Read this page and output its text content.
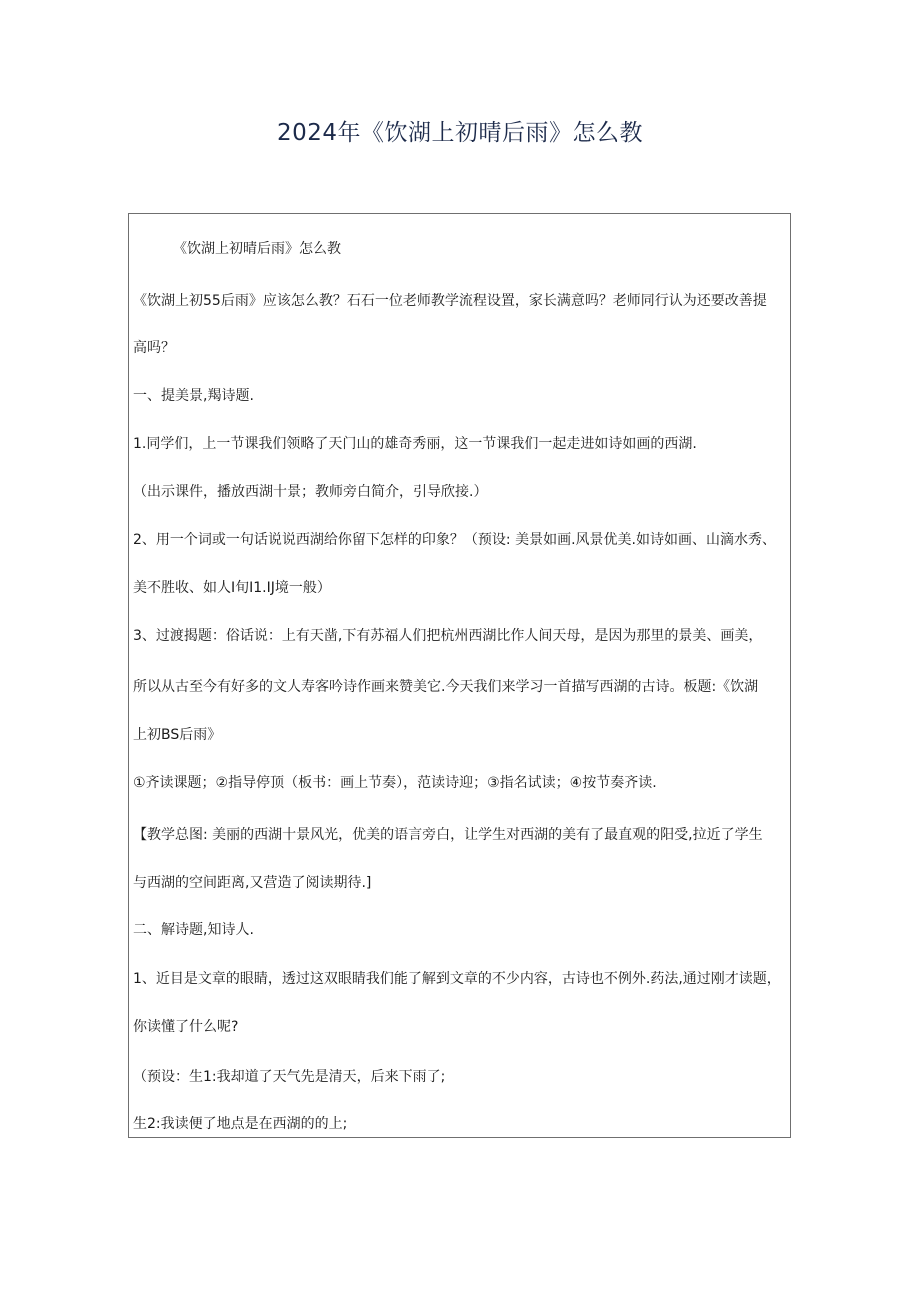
2024年《饮湖上初晴后雨》怎么教
《饮湖上初晴后雨》怎么教
《饮湖上初55后雨》应该怎么教？石石一位老师教学流程设置，家长满意吗？老师同行认为还要改善提
高吗？
一、提美景,羯诗题.
1.同学们，上一节课我们领略了天门山的雄奇秀丽，这一节课我们一起走进如诗如画的西湖.
（出示课件，播放西湖十景；教师旁白简介，引导欣接.）
2、用一个词或一句话说说西湖给你留下怎样的印象？（预设: 美景如画.风景优美.如诗如画、山滴水秀、
美不胜收、如人I旬I1.IJ境一般）
3、过渡揭题：俗话说：上有天凿,下有苏福人们把杭州西湖比作人间天母，是因为那里的景美、画美，
所以从古至今有好多的文人寿客吟诗作画来赞美它.今天我们来学习一首描写西湖的古诗。板题:《饮湖
上初BS后雨》
①齐读课题；②指导停顶（板书：画上节奏），范读诗迎；③指名试读；④按节奏齐读.
【教学总图: 美丽的西湖十景风光，优美的语言旁白，让学生对西湖的美有了最直观的阳受,拉近了学生
与西湖的空间距离,又营造了阅读期待.]
二、解诗题,知诗人.
1、近目是文章的眼睛，透过这双眼睛我们能了解到文章的不少内容，古诗也不例外.药法,通过刚才读题，
你读懂了什么呢?
（预设：生1:我却道了天气先是清天，后来下雨了;
生2:我读便了地点是在西湖的的上;
